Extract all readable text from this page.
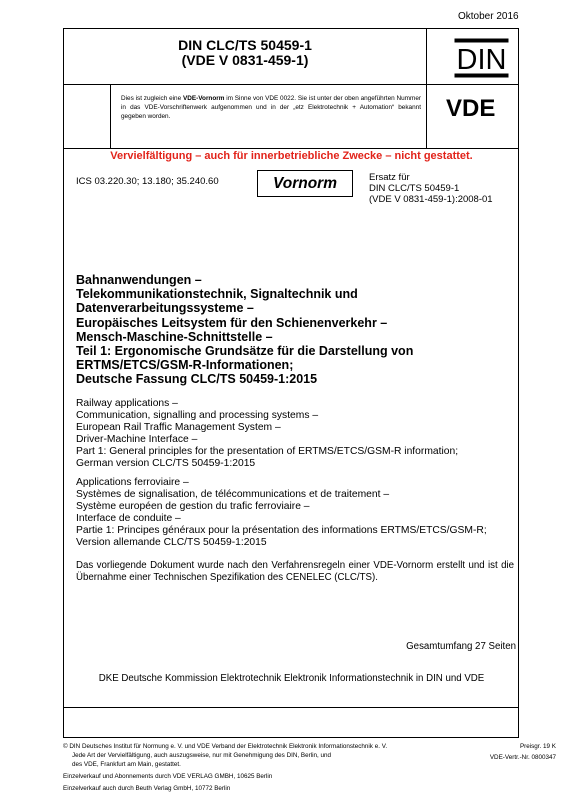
Oktober 2016
DIN CLC/TS 50459-1
(VDE V 0831-459-1)	DIN
VDE
Dies ist zugleich eine VDE-Vornorm im Sinne von VDE 0022. Sie ist unter der oben angeführten Nummer in das VDE-Vorschriftenwerk aufgenommen und in der „etz Elektrotechnik + Automation“ bekannt gegeben worden.
Vervielfältigung – auch für innerbetriebliche Zwecke – nicht gestattet.
ICS 03.220.30; 13.180; 35.240.60	Vornorm	Ersatz für
DIN CLC/TS 50459-1
(VDE V 0831-459-1):2008-01
Bahnanwendungen –
Telekommunikationstechnik, Signaltechnik und
Datenverarbeitungssysteme –
Europäisches Leitsystem für den Schienenverkehr –
Mensch-Maschine-Schnittstelle –
Teil 1: Ergonomische Grundsätze für die Darstellung von
ERTMS/ETCS/GSM-R-Informationen;
Deutsche Fassung CLC/TS 50459-1:2015
Railway applications –
Communication, signalling and processing systems –
European Rail Traffic Management System –
Driver-Machine Interface –
Part 1: General principles for the presentation of ERTMS/ETCS/GSM-R information;
German version CLC/TS 50459-1:2015
Applications ferroviaire –
Systèmes de signalisation, de télécommunications et de traitement –
Système européen de gestion du trafic ferroviaire –
Interface de conduite –
Partie 1: Principes généraux pour la présentation des informations ERTMS/ETCS/GSM-R;
Version allemande CLC/TS 50459-1:2015
Das vorliegende Dokument wurde nach den Verfahrensregeln einer VDE-Vornorm erstellt und ist die Übernahme einer Technischen Spezifikation des CENELEC (CLC/TS).
Gesamtumfang 27 Seiten
DKE Deutsche Kommission Elektrotechnik Elektronik Informationstechnik in DIN und VDE
© DIN Deutsches Institut für Normung e. V. und VDE Verband der Elektrotechnik Elektronik Informationstechnik e. V.
Jede Art der Vervielfältigung, auch auszugsweise, nur mit Genehmigung des DIN, Berlin, und
des VDE, Frankfurt am Main, gestattet.
Einzelverkauf und Abonnements durch VDE VERLAG GMBH, 10625 Berlin
Einzelverkauf auch durch Beuth Verlag GmbH, 10772 Berlin
Preisgr. 19 K
VDE-Vertr.-Nr. 0800347
